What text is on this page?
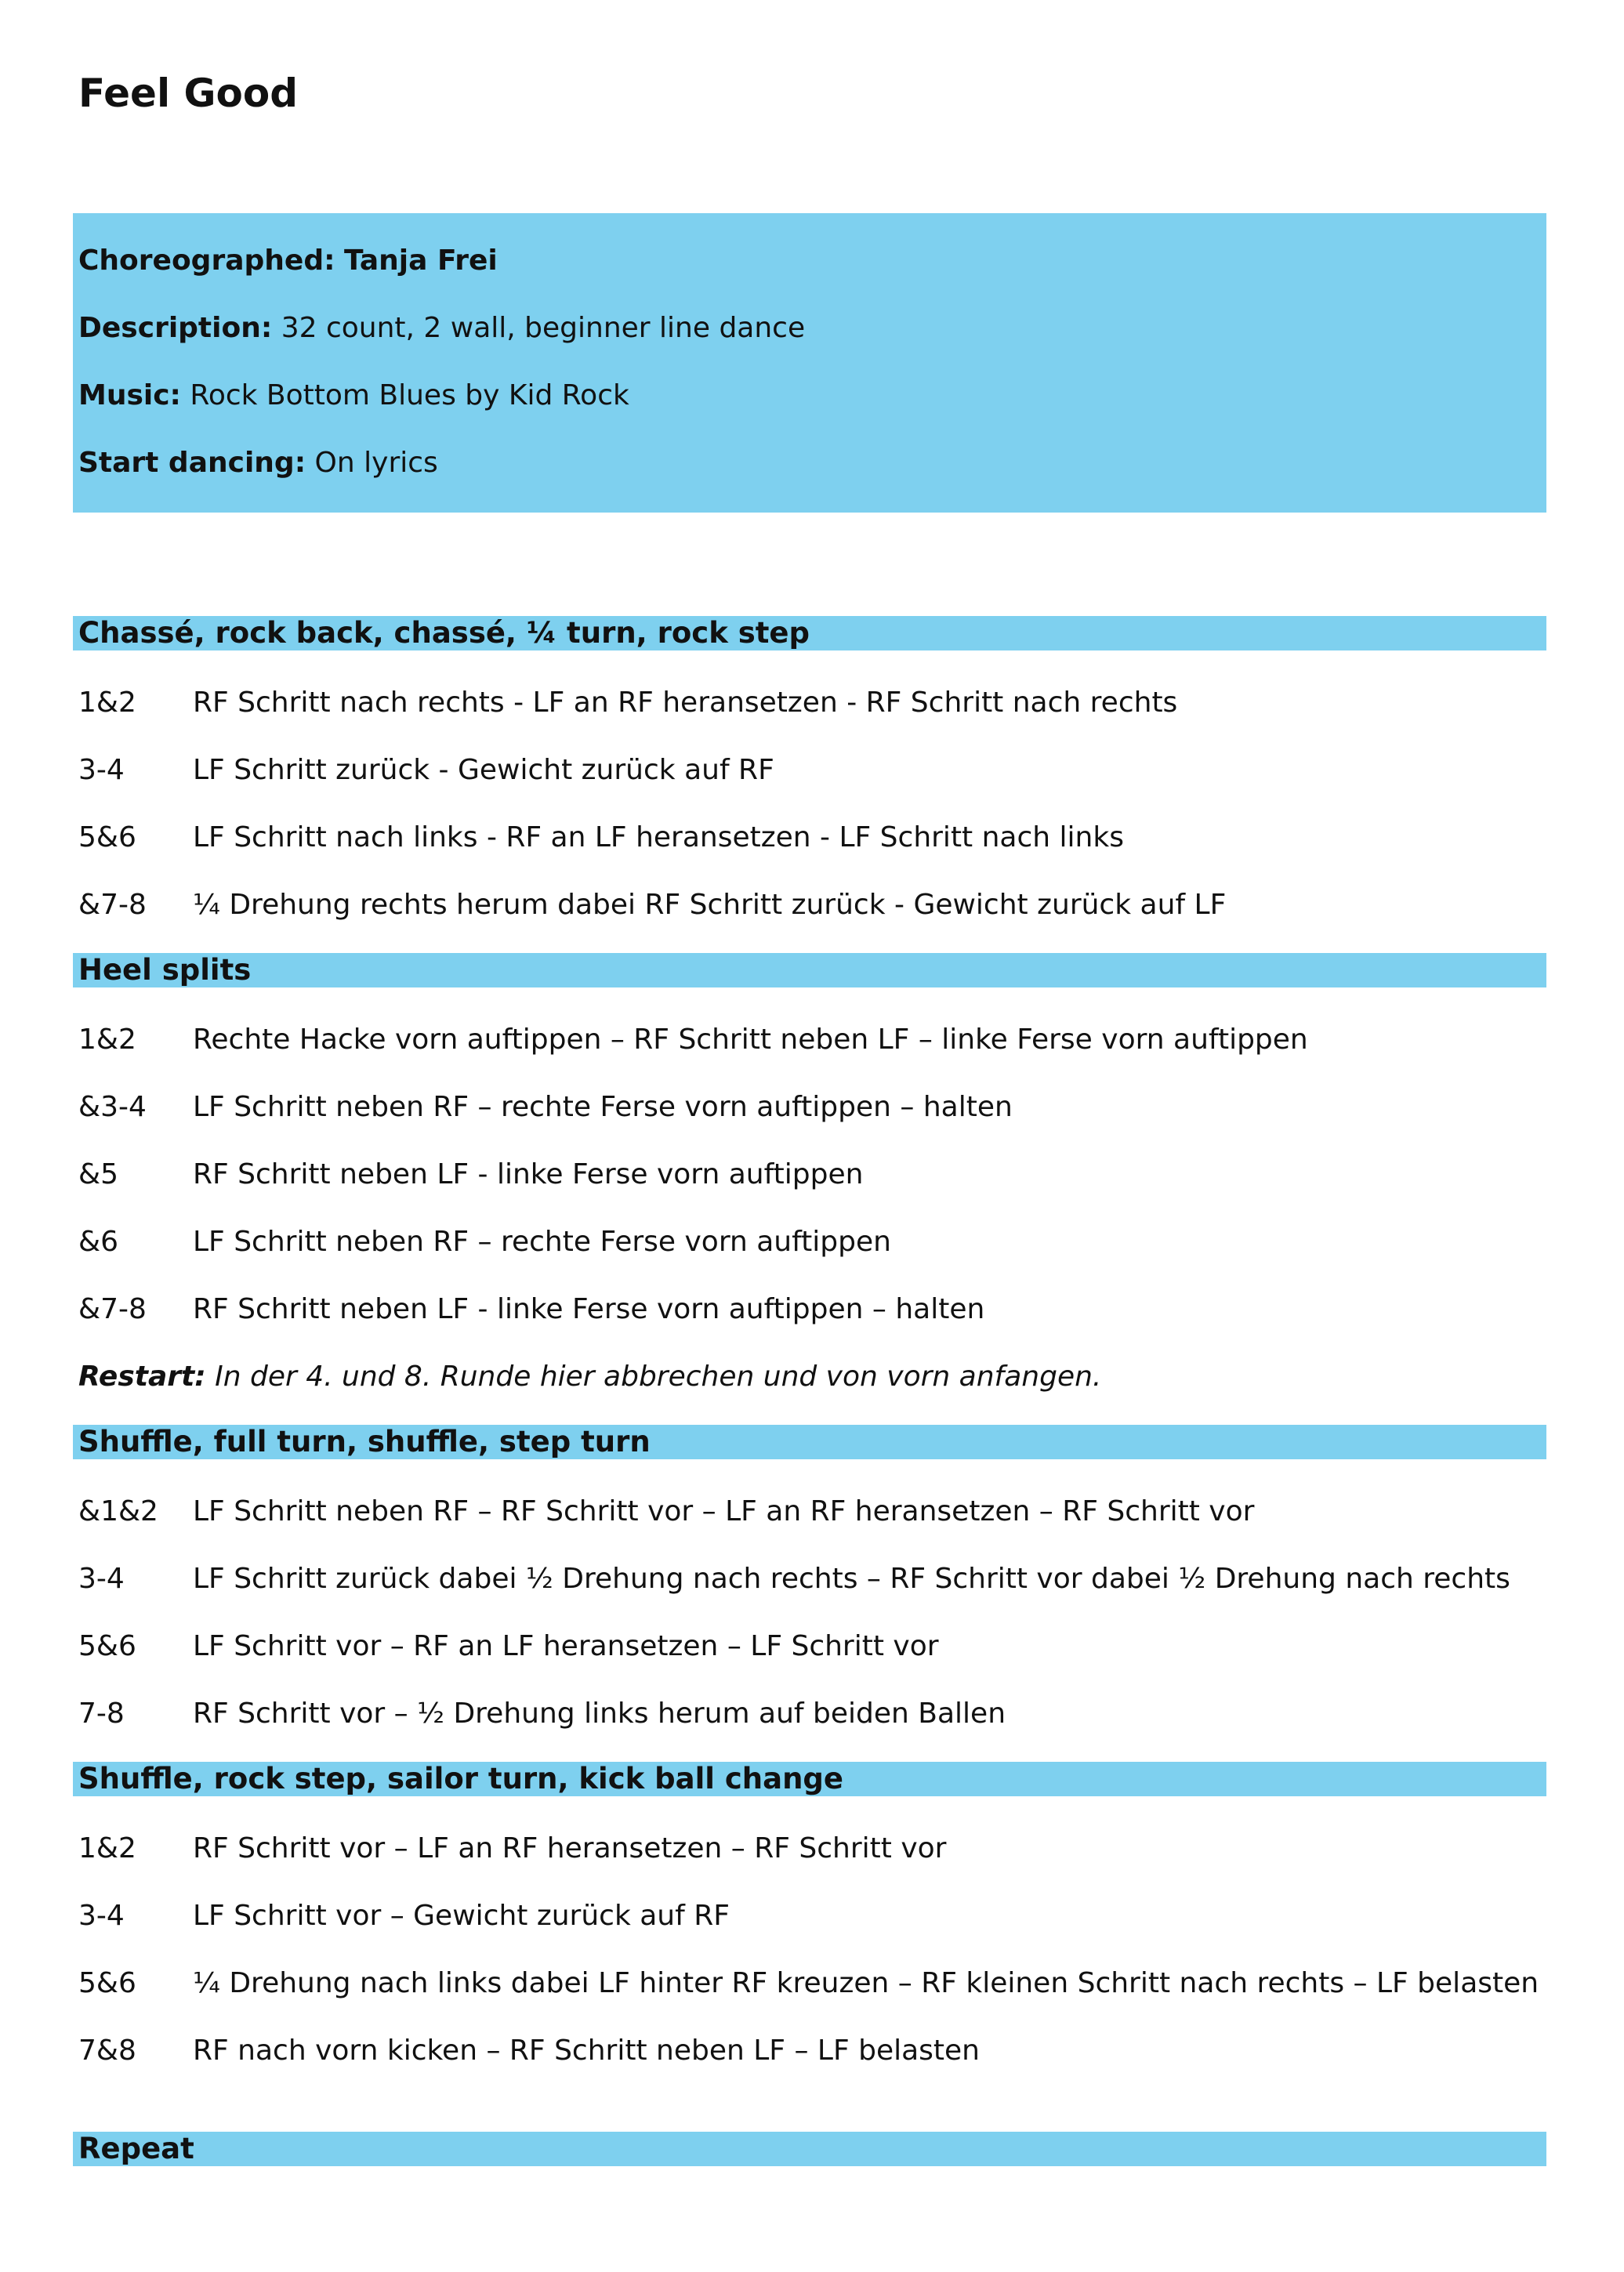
Feel Good
Choreographed: Tanja Frei
Description: 32 count, 2 wall, beginner line dance
Music: Rock Bottom Blues by Kid Rock
Start dancing: On lyrics
Chassé, rock back, chassé, ¼ turn, rock step
1&2 RF Schritt nach rechts - LF an RF heransetzen - RF Schritt nach rechts
3-4 LF Schritt zurück - Gewicht zurück auf RF
5&6 LF Schritt nach links - RF an LF heransetzen - LF Schritt nach links
&7-8 ¼ Drehung rechts herum dabei RF Schritt zurück - Gewicht zurück auf LF
Heel splits
1&2 Rechte Hacke vorn auftippen – RF Schritt neben LF – linke Ferse vorn auftippen
&3-4 LF Schritt neben RF – rechte Ferse vorn auftippen – halten
&5	RF Schritt neben LF - linke Ferse vorn auftippen
&6	LF Schritt neben RF – rechte Ferse vorn auftippen
&7-8 RF Schritt neben LF - linke Ferse vorn auftippen – halten
Restart: In der 4. und 8. Runde hier abbrechen und von vorn anfangen.
Shuffle, full turn, shuffle, step turn
&1&2 LF Schritt neben RF – RF Schritt vor – LF an RF heransetzen – RF Schritt vor
3-4 LF Schritt zurück dabei ½ Drehung nach rechts – RF Schritt vor dabei ½ Drehung nach rechts
5&6 LF Schritt vor – RF an LF heransetzen – LF Schritt vor
7-8 RF Schritt vor – ½ Drehung links herum auf beiden Ballen
Shuffle, rock step, sailor turn, kick ball change
1&2 RF Schritt vor – LF an RF heransetzen – RF Schritt vor
3-4 LF Schritt vor – Gewicht zurück auf RF
5&6 ¼ Drehung nach links dabei LF hinter RF kreuzen – RF kleinen Schritt nach rechts – LF belasten
7&8 RF nach vorn kicken – RF Schritt neben LF – LF belasten
Repeat
